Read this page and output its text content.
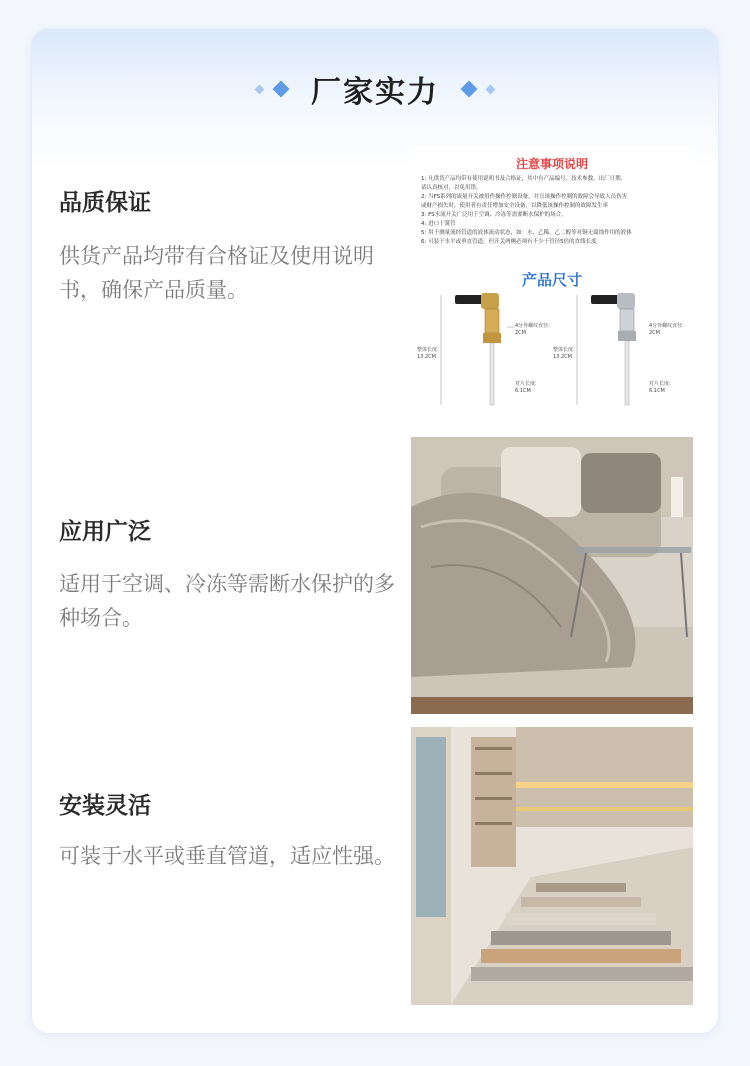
厂家实力
品质保证
供货产品均带有合格证及使用说明书，确保产品质量。
注意事项说明
1: 凡供货产品均带有使用说明书及合格证，其中有产品编号、技术参数、出厂日期,
请认真核对，以免用错。
2: 当FS系列的流量开关被用作操作控制设备，并且该操作控制的故障会导致人员伤害
或财产损失时，使用者有责任增加安全设备，以降低该操作控制的故障发生率
3: FS水流开关广泛用于空调、冷冻等需要断水保护的场合。
4: 进口干簧管
5: 用于测量流经管道的液体流动状态，如：水、乙稀、乙二醇等对铜无腐蚀作用的液体
6: 可装于水平或垂直管道，但开关两侧必须有不少于管径5倍的直线长度
产品尺寸
整体长度:
13.2CM
4分外螺纹直径:
2CM
对片长度:
6.1CM
整体长度:
13.2CM
4分外螺纹直径:
2CM
对片长度:
6.1CM
应用广泛
适用于空调、冷冻等需断水保护的多种场合。
安装灵活
可装于水平或垂直管道，适应性强。
